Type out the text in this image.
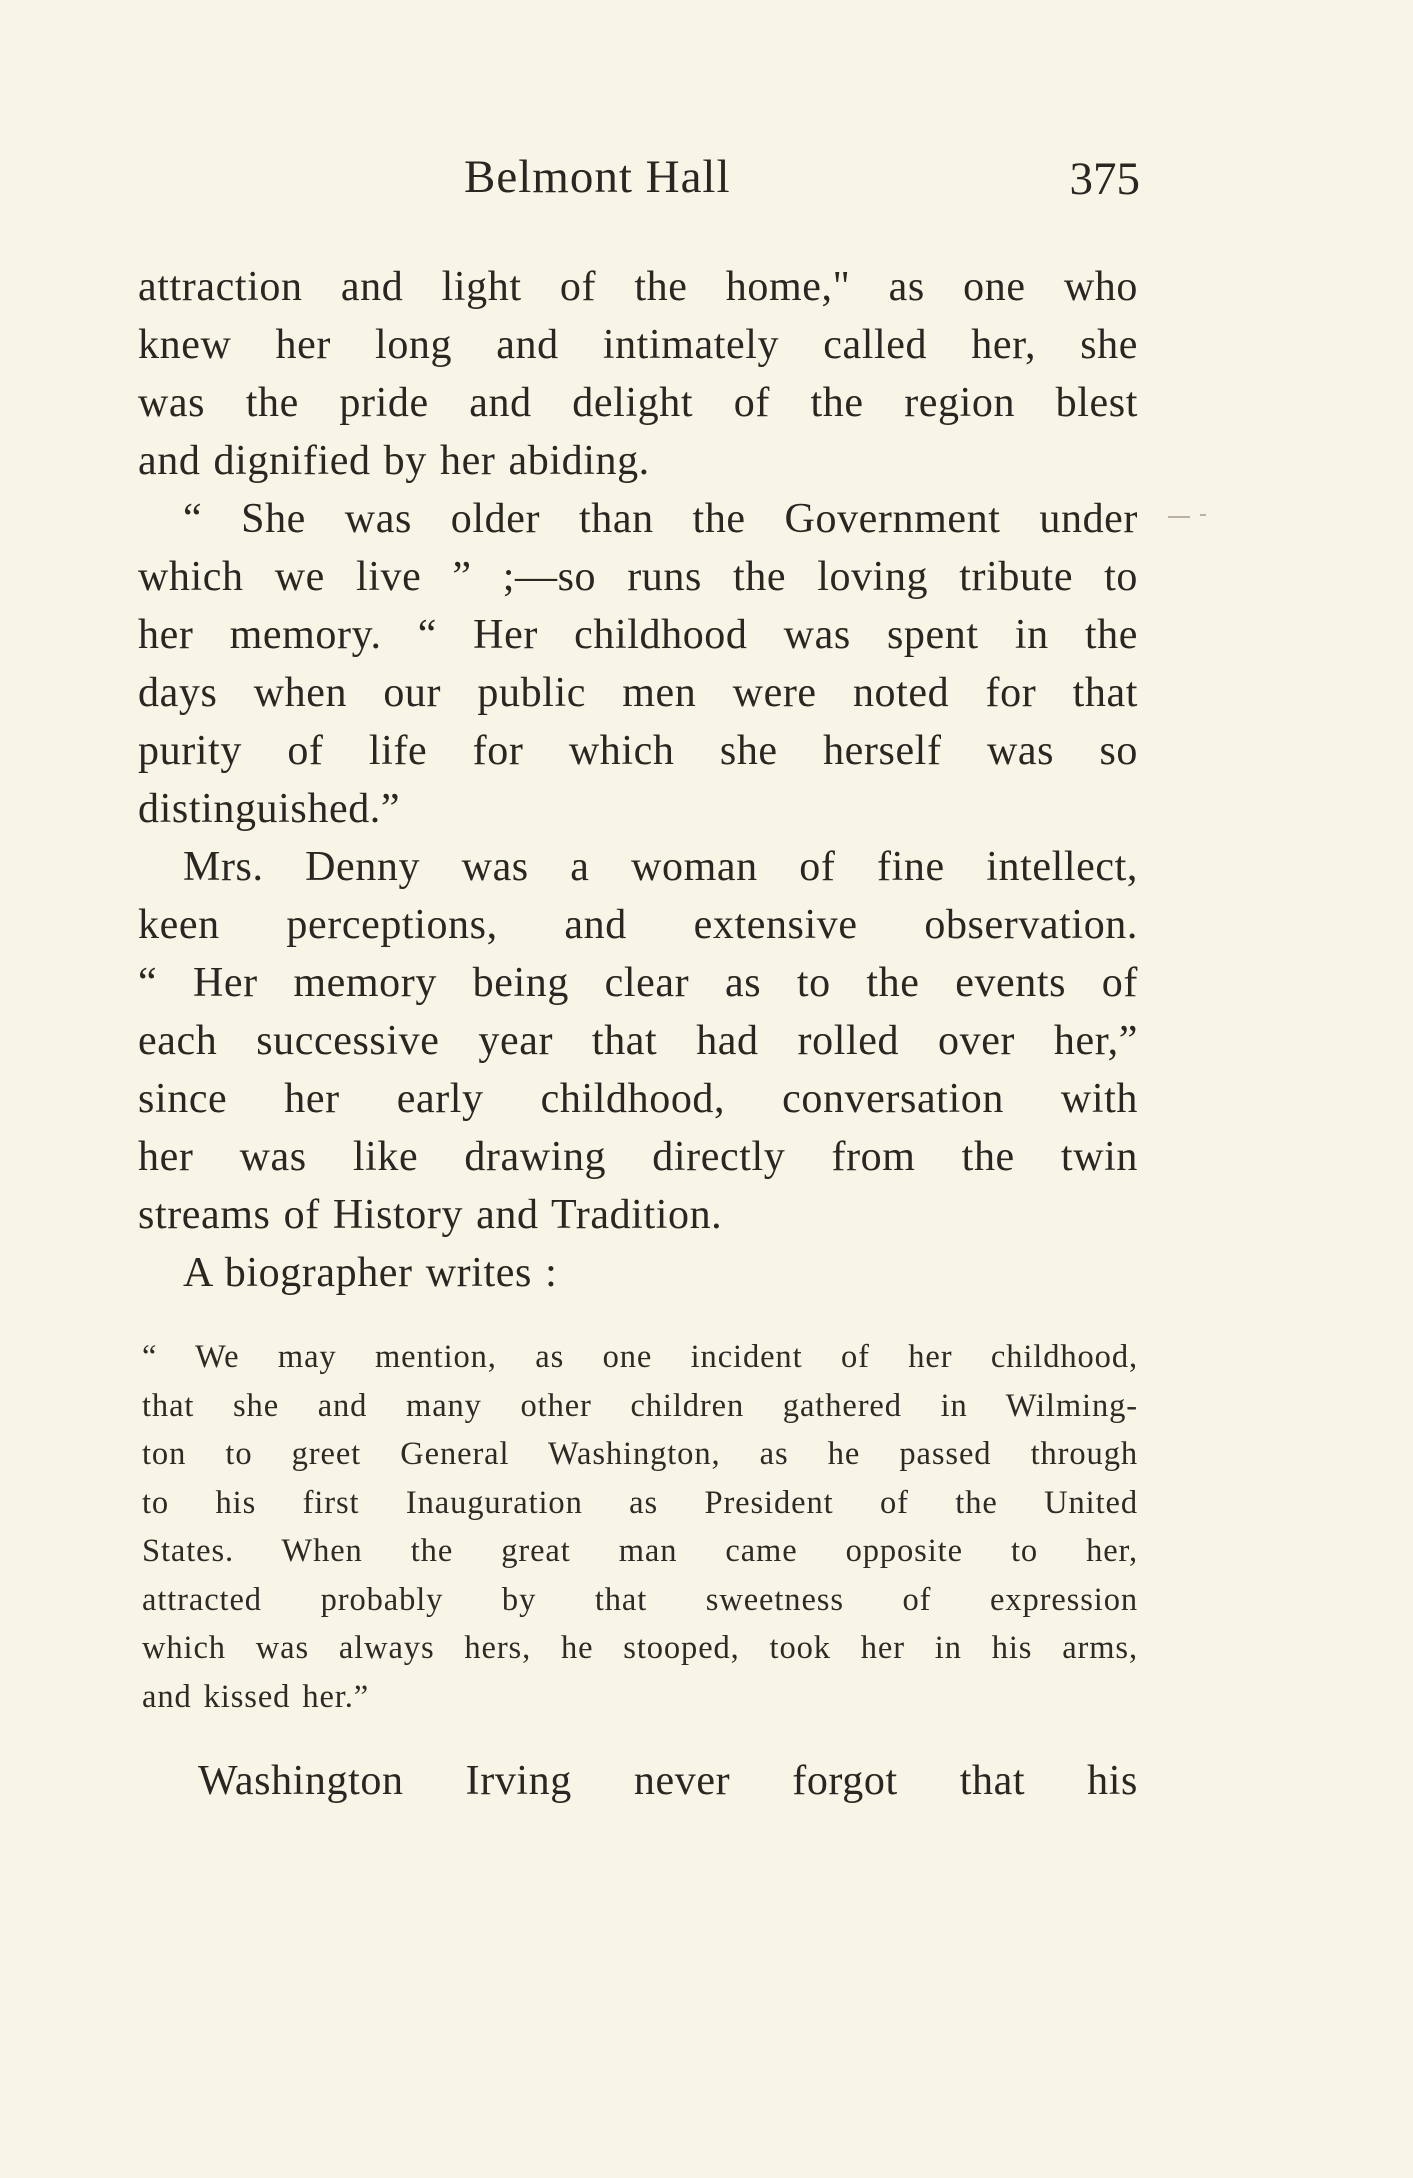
Belmont Hall	375
attraction and light of the home," as one who
knew her long and intimately called her, she
was the pride and delight of the region blest
and dignified by her abiding.
“ She was older than the Government under
which we live ” ;—so runs the loving tribute to
her memory. “ Her childhood was spent in the
days when our public men were noted for that
purity of life for which she herself was so
distinguished.”
Mrs. Denny was a woman of fine intellect,
keen perceptions, and extensive observation.
“ Her memory being clear as to the events of
each successive year that had rolled over her,”
since her early childhood, conversation with
her was like drawing directly from the twin
streams of History and Tradition.
A biographer writes :
“ We may mention, as one incident of her childhood,
that she and many other children gathered in Wilming-
ton to greet General Washington, as he passed through
to his first Inauguration as President of the United
States. When the great man came opposite to her,
attracted probably by that sweetness of expression
which was always hers, he stooped, took her in his arms,
and kissed her.”
Washington Irving never forgot that his
